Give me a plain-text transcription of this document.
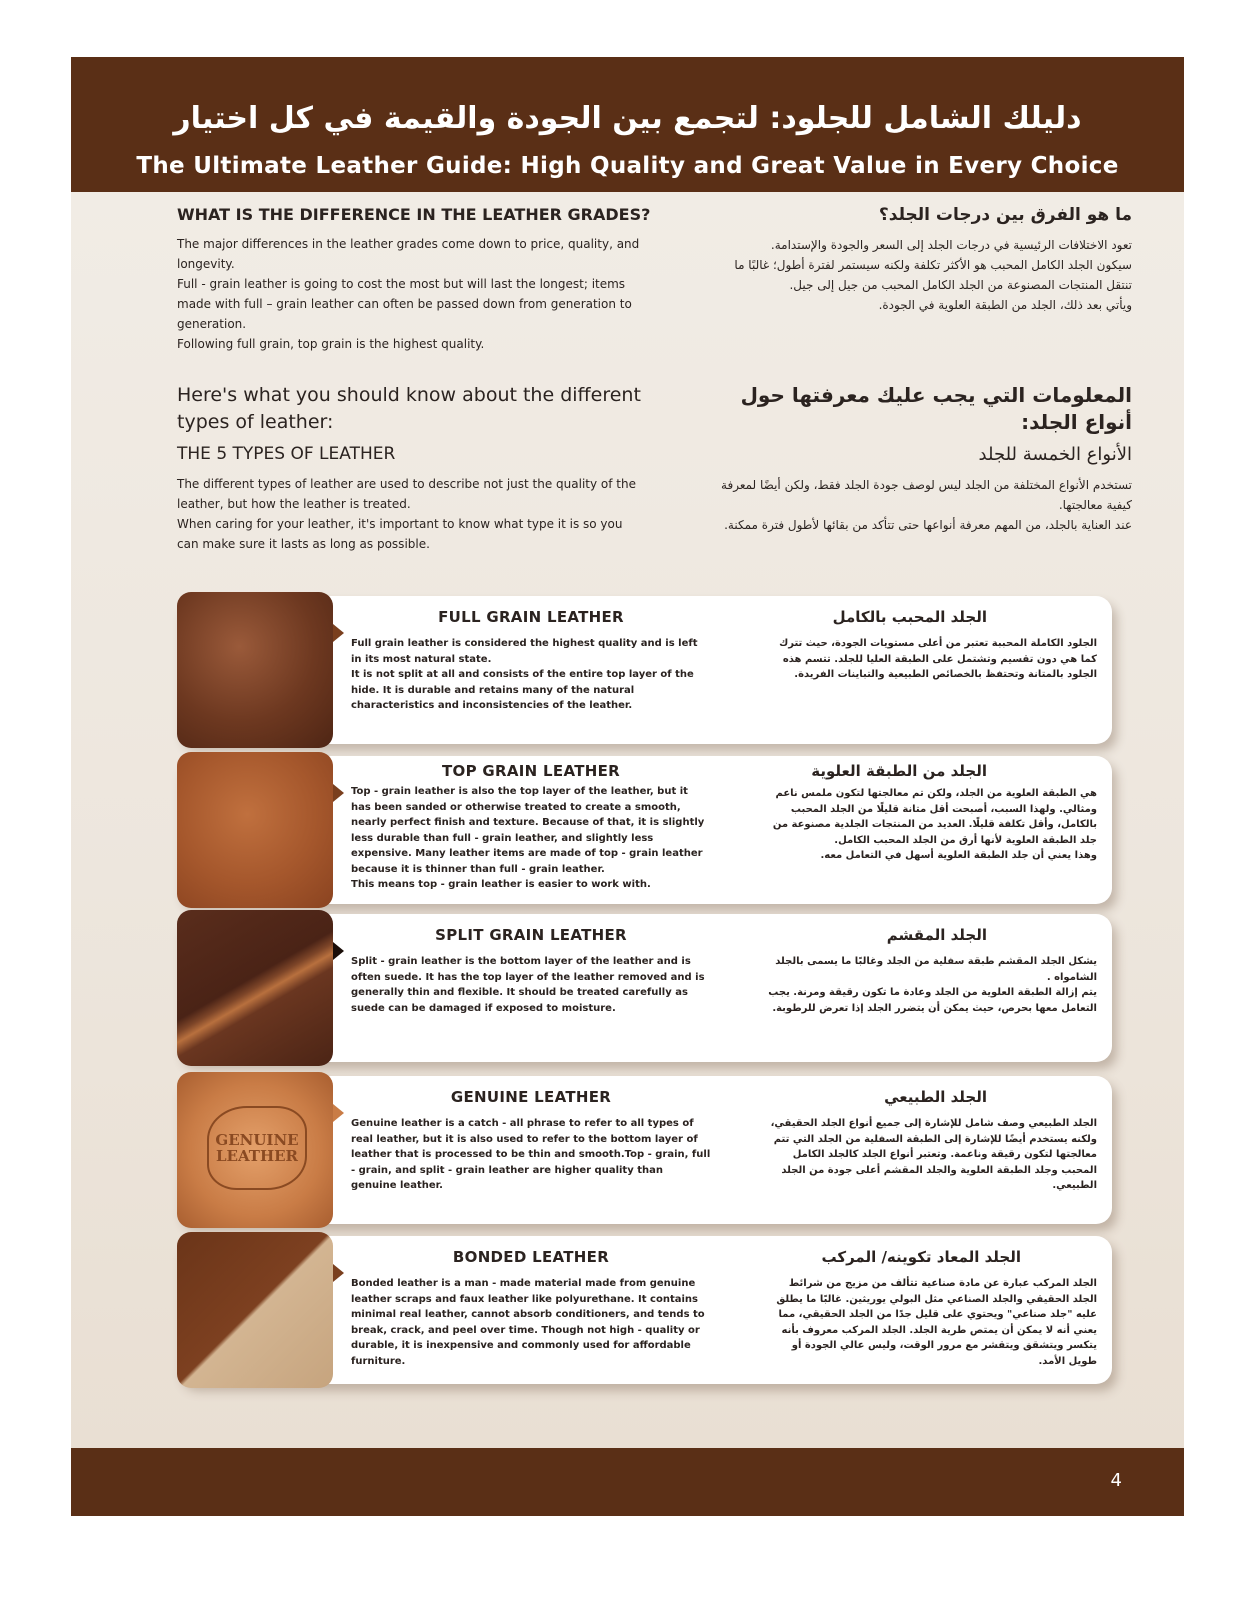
دليلك الشامل للجلود: لتجمع بين الجودة والقيمة في كل اختيار
The Ultimate Leather Guide: High Quality and Great Value in Every Choice
WHAT IS THE DIFFERENCE IN THE LEATHER GRADES?

The major differences in the leather grades come down to price, quality, and longevity.

Full - grain leather is going to cost the most but will last the longest; items made with full – grain leather can often be passed down from generation to generation.

Following full grain, top grain is the highest quality.

ما هو الفرق بين درجات الجلد؟

تعود الاختلافات الرئيسية في درجات الجلد إلى السعر والجودة والإستدامة.

سيكون الجلد الكامل المحبب هو الأكثر تكلفة ولكنه سيستمر لفترة أطول؛ غالبًا ما تنتقل المنتجات المصنوعة من الجلد الكامل المحبب من جيل إلى جيل.

ويأتي بعد ذلك، الجلد من الطبقة العلوية في الجودة.

Here's what you should know about the different types of leather:
THE 5 TYPES OF LEATHER

The different types of leather are used to describe not just the quality of the leather, but how the leather is treated.

When caring for your leather, it's important to know what type it is so you can make sure it lasts as long as possible.

المعلومات التي يجب عليك معرفتها حول أنواع الجلد:
الأنواع الخمسة للجلد

تستخدم الأنواع المختلفة من الجلد ليس لوصف جودة الجلد فقط، ولكن أيضًا لمعرفة كيفية معالجتها.

عند العناية بالجلد، من المهم معرفة أنواعها حتى تتأكد من بقائها لأطول فترة ممكنة.

FULL GRAIN LEATHER

Full grain leather is considered the highest quality and is left in its most natural state.

It is not split at all and consists of the entire top layer of the hide. It is durable and retains many of the natural characteristics and inconsistencies of the leather.

الجلد المحبب بالكامل

الجلود الكاملة المحببة تعتبر من أعلى مستويات الجودة، حيث تترك كما هي دون تقسيم وتشتمل على الطبقة العليا للجلد. تتسم هذه الجلود بالمتانة وتحتفظ بالخصائص الطبيعية والتباينات الفريدة.

TOP GRAIN LEATHER

Top - grain leather is also the top layer of the leather, but it has been sanded or otherwise treated to create a smooth, nearly perfect finish and texture. Because of that, it is slightly less durable than full - grain leather, and slightly less expensive. Many leather items are made of top - grain leather because it is thinner than full - grain leather.

This means top - grain leather is easier to work with.

الجلد من الطبقة العلوية

هي الطبقة العلوية من الجلد، ولكن تم معالجتها لتكون ملمس ناعم ومثالي. ولهذا السبب، أصبحت أقل متانة قليلًا من الجلد المحبب بالكامل، وأقل تكلفة قليلًا. العديد من المنتجات الجلدية مصنوعة من جلد الطبقة العلوية لأنها أرق من الجلد المحبب الكامل.

وهذا يعني أن جلد الطبقة العلوية أسهل في التعامل معه.

SPLIT GRAIN LEATHER

Split - grain leather is the bottom layer of the leather and is often suede. It has the top layer of the leather removed and is generally thin and flexible. It should be treated carefully as suede can be damaged if exposed to moisture.

الجلد المقشم

يشكل الجلد المقشم طبقة سفلية من الجلد وغالبًا ما يسمى بالجلد الشامواه .

يتم إزالة الطبقة العلوية من الجلد وعادة ما تكون رقيقة ومرنة. يجب التعامل معها بحرص، حيث يمكن أن يتضرر الجلد إذا تعرض للرطوبة.

GENUINE LEATHER
GENUINE LEATHER

Genuine leather is a catch - all phrase to refer to all types of real leather, but it is also used to refer to the bottom layer of leather that is processed to be thin and smooth.Top - grain, full - grain, and split - grain leather are higher quality than genuine leather.

الجلد الطبيعي

الجلد الطبيعي وصف شامل للإشارة إلى جميع أنواع الجلد الحقيقي، ولكنه يستخدم أيضًا للإشارة إلى الطبقة السفلية من الجلد التي تتم معالجتها لتكون رقيقة وناعمة. وتعتبر أنواع الجلد كالجلد الكامل المحبب وجلد الطبقة العلوية والجلد المقشم أعلى جودة من الجلد الطبيعي.

BONDED LEATHER

Bonded leather is a man - made material made from genuine leather scraps and faux leather like polyurethane. It contains minimal real leather, cannot absorb conditioners, and tends to break, crack, and peel over time. Though not high - quality or durable, it is inexpensive and commonly used for affordable furniture.

الجلد المعاد تكوينه/ المركب

الجلد المركب عبارة عن مادة صناعية تتألف من مزيج من شرائط الجلد الحقيقي والجلد الصناعي مثل البولي يوريثين. غالبًا ما يطلق عليه "جلد صناعي" ويحتوي على قليل جدًا من الجلد الحقيقي، مما يعني أنه لا يمكن أن يمتص طرية الجلد. الجلد المركب معروف بأنه يتكسر ويتشقق ويتقشر مع مرور الوقت، وليس عالي الجودة أو طويل الأمد.

4
